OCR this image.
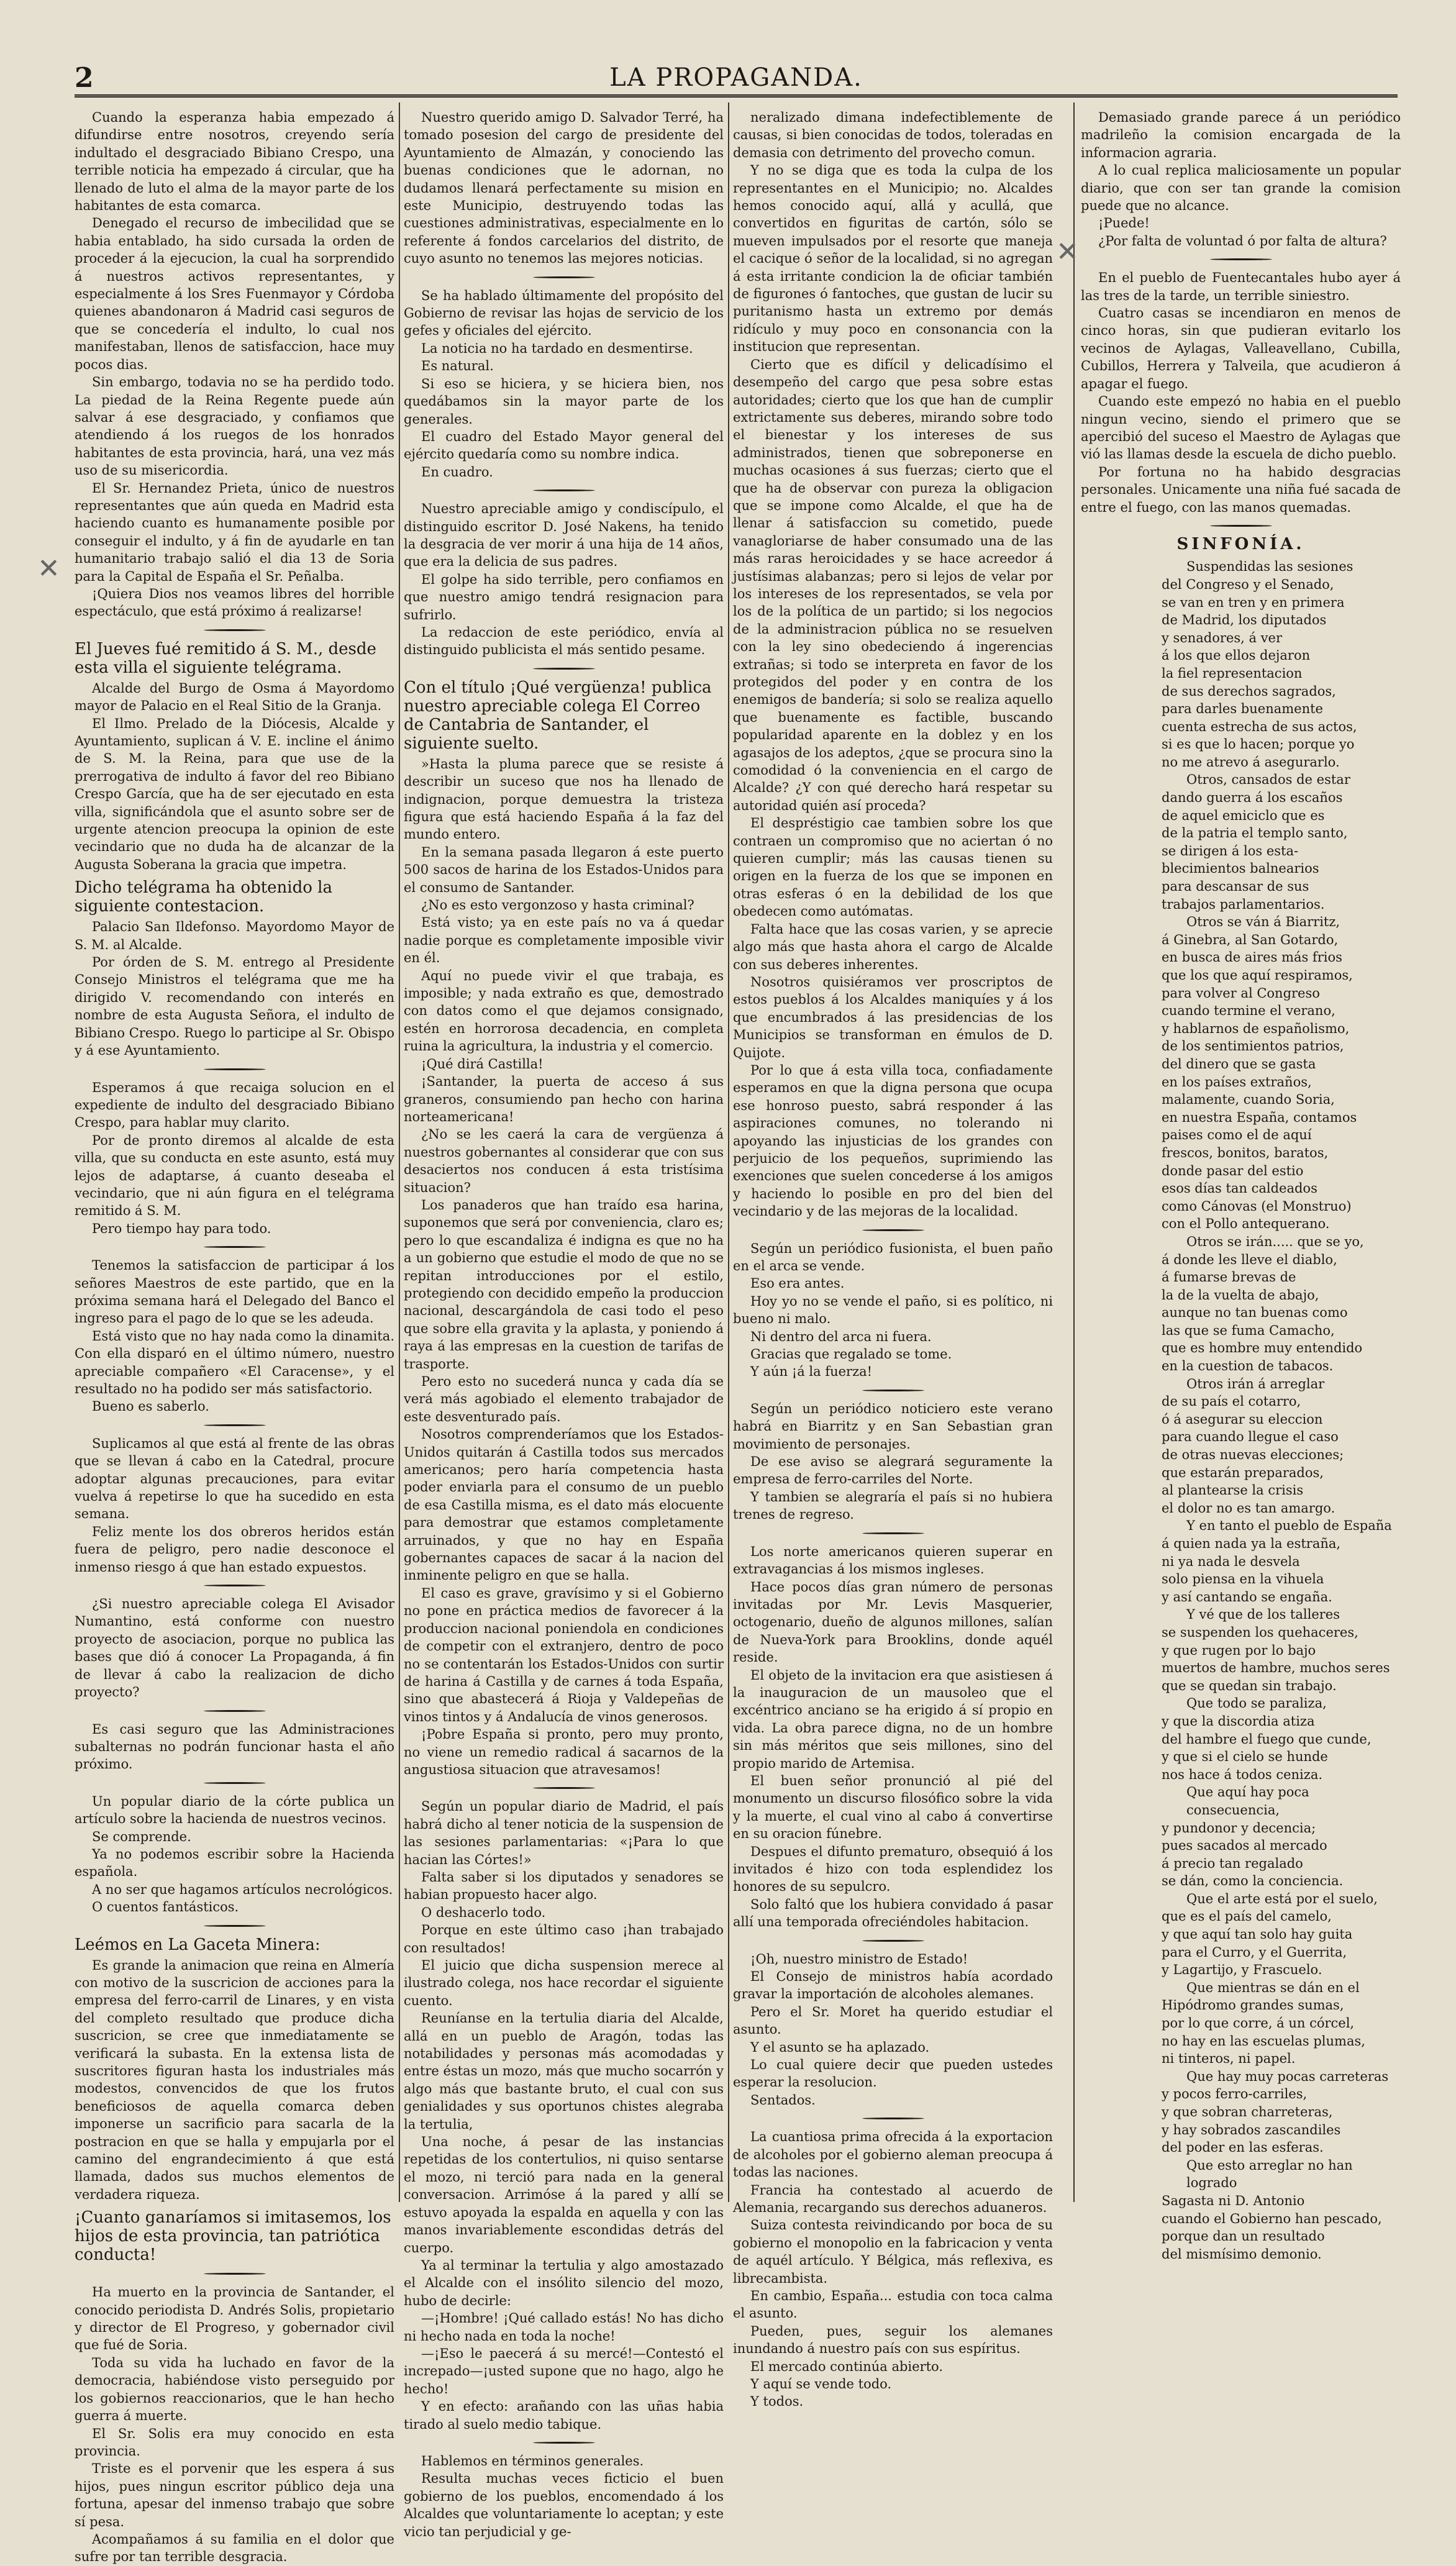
2	LA PROPAGANDA.
✕
✕

Cuando la esperanza habia empezado á difundirse entre nosotros, creyendo sería indultado el desgraciado Bibiano Crespo, una terrible noticia ha empezado á circular, que ha llenado de luto el alma de la mayor parte de los habitantes de esta comarca.

Denegado el recurso de imbecilidad que se habia entablado, ha sido cursada la orden de proceder á la ejecucion, la cual ha sorprendido á nuestros activos representantes, y especialmente á los Sres Fuenmayor y Córdoba quienes abandonaron á Madrid casi seguros de que se concedería el indulto, lo cual nos manifestaban, llenos de satisfaccion, hace muy pocos dias.

Sin embargo, todavia no se ha perdido todo. La piedad de la Reina Regente puede aún salvar á ese desgraciado, y confiamos que atendiendo á los ruegos de los honrados habitantes de esta provincia, hará, una vez más uso de su misericordia.

El Sr. Hernandez Prieta, único de nuestros representantes que aún queda en Madrid esta haciendo cuanto es humanamente posible por conseguir el indulto, y á fin de ayudarle en tan humanitario trabajo salió el dia 13 de Soria para la Capital de España el Sr. Peñalba.

¡Quiera Dios nos veamos libres del horrible espectáculo, que está próximo á realizarse!

El Jueves fué remitido á S. M., desde esta villa el siguiente telégrama.

Alcalde del Burgo de Osma á Mayordomo mayor de Palacio en el Real Sitio de la Granja.

El Ilmo. Prelado de la Diócesis, Alcalde y Ayuntamiento, suplican á V. E. incline el ánimo de S. M. la Reina, para que use de la prerrogativa de indulto á favor del reo Bibiano Crespo García, que ha de ser ejecutado en esta villa, significándola que el asunto sobre ser de urgente atencion preocupa la opinion de este vecindario que no duda ha de alcanzar de la Augusta Soberana la gracia que impetra.

Dicho telégrama ha obtenido la siguiente contestacion.

Palacio San Ildefonso. Mayordomo Mayor de S. M. al Alcalde.

Por órden de S. M. entrego al Presidente Consejo Ministros el telégrama que me ha dirigido V. recomendando con interés en nombre de esta Augusta Señora, el indulto de Bibiano Crespo. Ruego lo participe al Sr. Obispo y á ese Ayuntamiento.

Esperamos á que recaiga solucion en el expediente de indulto del desgraciado Bibiano Crespo, para hablar muy clarito.

Por de pronto diremos al alcalde de esta villa, que su conducta en este asunto, está muy lejos de adaptarse, á cuanto deseaba el vecindario, que ni aún figura en el telégrama remitido á S. M.

Pero tiempo hay para todo.

Tenemos la satisfaccion de participar á los señores Maestros de este partido, que en la próxima semana hará el Delegado del Banco el ingreso para el pago de lo que se les adeuda.

Está visto que no hay nada como la dinamita. Con ella disparó en el último número, nuestro apreciable compañero «El Caracense», y el resultado no ha podido ser más satisfactorio.

Bueno es saberlo.

Suplicamos al que está al frente de las obras que se llevan á cabo en la Catedral, procure adoptar algunas precauciones, para evitar vuelva á repetirse lo que ha sucedido en esta semana.

Feliz mente los dos obreros heridos están fuera de peligro, pero nadie desconoce el inmenso riesgo á que han estado expuestos.

¿Si nuestro apreciable colega El Avisador Numantino, está conforme con nuestro proyecto de asociacion, porque no publica las bases que dió á conocer La Propaganda, á fin de llevar á cabo la realizacion de dicho proyecto?

Es casi seguro que las Administraciones subalternas no podrán funcionar hasta el año próximo.

Un popular diario de la córte publica un artículo sobre la hacienda de nuestros vecinos.

Se comprende.

Ya no podemos escribir sobre la Hacienda española.

A no ser que hagamos artículos necrológicos.

O cuentos fantásticos.

Leémos en La Gaceta Minera:

Es grande la animacion que reina en Almería con motivo de la suscricion de acciones para la empresa del ferro-carril de Linares, y en vista del completo resultado que produce dicha suscricion, se cree que inmediatamente se verificará la subasta. En la extensa lista de suscritores figuran hasta los industriales más modestos, convencidos de que los frutos beneficiosos de aquella comarca deben imponerse un sacrificio para sacarla de la postracion en que se halla y empujarla por el camino del engrandecimiento á que está llamada, dados sus muchos elementos de verdadera riqueza.

¡Cuanto ganaríamos si imitasemos, los hijos de esta provincia, tan patriótica conducta!

Ha muerto en la provincia de Santander, el conocido periodista D. Andrés Solis, propietario y director de El Progreso, y gobernador civil que fué de Soria.

Toda su vida ha luchado en favor de la democracia, habiéndose visto perseguido por los gobiernos reaccionarios, que le han hecho guerra á muerte.

El Sr. Solis era muy conocido en esta provincia.

Triste es el porvenir que les espera á sus hijos, pues ningun escritor público deja una fortuna, apesar del inmenso trabajo que sobre sí pesa.

Acompañamos á su familia en el dolor que sufre por tan terrible desgracia.

Nuestro querido amigo D. Salvador Terré, ha tomado posesion del cargo de presidente del Ayuntamiento de Almazán, y conociendo las buenas condiciones que le adornan, no dudamos llenará perfectamente su mision en este Municipio, destruyendo todas las cuestiones administrativas, especialmente en lo referente á fondos carcelarios del distrito, de cuyo asunto no tenemos las mejores noticias.

Se ha hablado últimamente del propósito del Gobierno de revisar las hojas de servicio de los gefes y oficiales del ejército.

La noticia no ha tardado en desmentirse.

Es natural.

Si eso se hiciera, y se hiciera bien, nos quedábamos sin la mayor parte de los generales.

El cuadro del Estado Mayor general del ejército quedaría como su nombre indica.

En cuadro.

Nuestro apreciable amigo y condiscípulo, el distinguido escritor D. José Nakens, ha tenido la desgracia de ver morir á una hija de 14 años, que era la delicia de sus padres.

El golpe ha sido terrible, pero confiamos en que nuestro amigo tendrá resignacion para sufrirlo.

La redaccion de este periódico, envía al distinguido publicista el más sentido pesame.

Con el título ¡Qué vergüenza! publica nuestro apreciable colega El Correo de Cantabria de Santander, el siguiente suelto.

»Hasta la pluma parece que se resiste á describir un suceso que nos ha llenado de indignacion, porque demuestra la tristeza figura que está haciendo España á la faz del mundo entero.

En la semana pasada llegaron á este puerto 500 sacos de harina de los Estados-Unidos para el consumo de Santander.

¿No es esto vergonzoso y hasta criminal?

Está visto; ya en este país no va á quedar nadie porque es completamente imposible vivir en él.

Aquí no puede vivir el que trabaja, es imposible; y nada extraño es que, demostrado con datos como el que dejamos consignado, estén en horrorosa decadencia, en completa ruina la agricultura, la industria y el comercio.

¡Qué dirá Castilla!

¡Santander, la puerta de acceso á sus graneros, consumiendo pan hecho con harina norteamericana!

¿No se les caerá la cara de vergüenza á nuestros gobernantes al considerar que con sus desaciertos nos conducen á esta tristísima situacion?

Los panaderos que han traído esa harina, suponemos que será por conveniencia, claro es; pero lo que escandaliza é indigna es que no ha a un gobierno que estudie el modo de que no se repitan introducciones por el estilo, protegiendo con decidido empeño la produccion nacional, descargándola de casi todo el peso que sobre ella gravita y la aplasta, y poniendo á raya á las empresas en la cuestion de tarifas de trasporte.

Pero esto no sucederá nunca y cada día se verá más agobiado el elemento trabajador de este desventurado país.

Nosotros comprenderíamos que los Estados-Unidos quitarán á Castilla todos sus mercados americanos; pero haría competencia hasta poder enviarla para el consumo de un pueblo de esa Castilla misma, es el dato más elocuente para demostrar que estamos completamente arruinados, y que no hay en España gobernantes capaces de sacar á la nacion del inminente peligro en que se halla.

El caso es grave, gravísimo y si el Gobierno no pone en práctica medios de favorecer á la produccion nacional poniendola en condiciones de competir con el extranjero, dentro de poco no se contentarán los Estados-Unidos con surtir de harina á Castilla y de carnes á toda España, sino que abastecerá á Rioja y Valdepeñas de vinos tintos y á Andalucía de vinos generosos.

¡Pobre España si pronto, pero muy pronto, no viene un remedio radical á sacarnos de la angustiosa situacion que atravesamos!

Según un popular diario de Madrid, el país habrá dicho al tener noticia de la suspension de las sesiones parlamentarias: «¡Para lo que hacian las Córtes!»

Falta saber si los diputados y senadores se habian propuesto hacer algo.

O deshacerlo todo.

Porque en este último caso ¡han trabajado con resultados!

El juicio que dicha suspension merece al ilustrado colega, nos hace recordar el siguiente cuento.

Reuníanse en la tertulia diaria del Alcalde, allá en un pueblo de Aragón, todas las notabilidades y personas más acomodadas y entre éstas un mozo, más que mucho socarrón y algo más que bastante bruto, el cual con sus genialidades y sus oportunos chistes alegraba la tertulia,

Una noche, á pesar de las instancias repetidas de los contertulios, ni quiso sentarse el mozo, ni terció para nada en la general conversacion. Arrimóse á la pared y allí se estuvo apoyada la espalda en aquella y con las manos invariablemente escondidas detrás del cuerpo.

Ya al terminar la tertulia y algo amostazado el Alcalde con el insólito silencio del mozo, hubo de decirle:

—¡Hombre! ¡Qué callado estás! No has dicho ni hecho nada en toda la noche!

—¡Eso le paecerá á su mercé!—Contestó el increpado—¡usted supone que no hago, algo he hecho!

Y en efecto: arañando con las uñas habia tirado al suelo medio tabique.

Hablemos en términos generales.

Resulta muchas veces ficticio el buen gobierno de los pueblos, encomendado á los Alcaldes que voluntariamente lo aceptan; y este vicio tan perjudicial y ge-

neralizado dimana indefectiblemente de causas, si bien conocidas de todos, toleradas en demasia con detrimento del provecho comun.

Y no se diga que es toda la culpa de los representantes en el Municipio; no. Alcaldes hemos conocido aquí, allá y acullá, que convertidos en figuritas de cartón, sólo se mueven impulsados por el resorte que maneja el cacique ó señor de la localidad, si no agregan á esta irritante condicion la de oficiar también de figurones ó fantoches, que gustan de lucir su puritanismo hasta un extremo por demás ridículo y muy poco en consonancia con la institucion que representan.

Cierto que es difícil y delicadísimo el desempeño del cargo que pesa sobre estas autoridades; cierto que los que han de cumplir extrictamente sus deberes, mirando sobre todo el bienestar y los intereses de sus administrados, tienen que sobreponerse en muchas ocasiones á sus fuerzas; cierto que el que ha de observar con pureza la obligacion que se impone como Alcalde, el que ha de llenar á satisfaccion su cometido, puede vanagloriarse de haber consumado una de las más raras heroicidades y se hace acreedor á justísimas alabanzas; pero si lejos de velar por los intereses de los representados, se vela por los de la política de un partido; si los negocios de la administracion pública no se resuelven con la ley sino obedeciendo á ingerencias extrañas; si todo se interpreta en favor de los protegidos del poder y en contra de los enemigos de bandería; si solo se realiza aquello que buenamente es factible, buscando popularidad aparente en la doblez y en los agasajos de los adeptos, ¿que se procura sino la comodidad ó la conveniencia en el cargo de Alcalde? ¿Y con qué derecho hará respetar su autoridad quién así proceda?

El despréstigio cae tambien sobre los que contraen un compromiso que no aciertan ó no quieren cumplir; más las causas tienen su origen en la fuerza de los que se imponen en otras esferas ó en la debilidad de los que obedecen como autómatas.

Falta hace que las cosas varien, y se aprecie algo más que hasta ahora el cargo de Alcalde con sus deberes inherentes.

Nosotros quisiéramos ver proscriptos de estos pueblos á los Alcaldes maniquíes y á los que encumbrados á las presidencias de los Municipios se transforman en émulos de D. Quijote.

Por lo que á esta villa toca, confiadamente esperamos en que la digna persona que ocupa ese honroso puesto, sabrá responder á las aspiraciones comunes, no tolerando ni apoyando las injusticias de los grandes con perjuicio de los pequeños, suprimiendo las exenciones que suelen concederse á los amigos y haciendo lo posible en pro del bien del vecindario y de las mejoras de la localidad.

Según un periódico fusionista, el buen paño en el arca se vende.

Eso era antes.

Hoy yo no se vende el paño, si es político, ni bueno ni malo.

Ni dentro del arca ni fuera.

Gracias que regalado se tome.

Y aún ¡á la fuerza!

Según un periódico noticiero este verano habrá en Biarritz y en San Sebastian gran movimiento de personajes.

De ese aviso se alegrará seguramente la empresa de ferro-carriles del Norte.

Y tambien se alegraría el país si no hubiera trenes de regreso.

Los norte americanos quieren superar en extravagancias á los mismos ingleses.

Hace pocos días gran número de personas invitadas por Mr. Levis Masquerier, octogenario, dueño de algunos millones, salían de Nueva-York para Brooklins, donde aquél reside.

El objeto de la invitacion era que asistiesen á la inauguracion de un mausoleo que el excéntrico anciano se ha erigido á sí propio en vida. La obra parece digna, no de un hombre sin más méritos que seis millones, sino del propio marido de Artemisa.

El buen señor pronunció al pié del monumento un discurso filosófico sobre la vida y la muerte, el cual vino al cabo á convertirse en su oracion fúnebre.

Despues el difunto prematuro, obsequió á los invitados é hizo con toda esplendidez los honores de su sepulcro.

Solo faltó que los hubiera convidado á pasar allí una temporada ofreciéndoles habitacion.

¡Oh, nuestro ministro de Estado!

El Consejo de ministros había acordado gravar la importación de alcoholes alemanes.

Pero el Sr. Moret ha querido estudiar el asunto.

Y el asunto se ha aplazado.

Lo cual quiere decir que pueden ustedes esperar la resolucion.

Sentados.

La cuantiosa prima ofrecida á la exportacion de alcoholes por el gobierno aleman preocupa á todas las naciones.

Francia ha contestado al acuerdo de Alemania, recargando sus derechos aduaneros.

Suiza contesta reivindicando por boca de su gobierno el monopolio en la fabricacion y venta de aquél artículo. Y Bélgica, más reflexiva, es librecambista.

En cambio, España... estudia con toca calma el asunto.

Pueden, pues, seguir los alemanes inundando á nuestro país con sus espíritus.

El mercado continúa abierto.

Y aquí se vende todo.

Y todos.

Demasiado grande parece á un periódico madrileño la comision encargada de la informacion agraria.

A lo cual replica maliciosamente un popular diario, que con ser tan grande la comision puede que no alcance.

¡Puede!

¿Por falta de voluntad ó por falta de altura?

En el pueblo de Fuentecantales hubo ayer á las tres de la tarde, un terrible siniestro.

Cuatro casas se incendiaron en menos de cinco horas, sin que pudieran evitarlo los vecinos de Aylagas, Valleavellano, Cubilla, Cubillos, Herrera y Talveila, que acudieron á apagar el fuego.

Cuando este empezó no habia en el pueblo ningun vecino, siendo el primero que se apercibió del suceso el Maestro de Aylagas que vió las llamas desde la escuela de dicho pueblo.

Por fortuna no ha habido desgracias personales. Unicamente una niña fué sacada de entre el fuego, con las manos quemadas.

SINFONÍA.
Suspendidas las sesiones
del Congreso y el Senado,
se van en tren y en primera
de Madrid, los diputados
y senadores, á ver
á los que ellos dejaron
la fiel representacion
de sus derechos sagrados,
para darles buenamente
cuenta estrecha de sus actos,
si es que lo hacen; porque yo
no me atrevo á asegurarlo.
Otros, cansados de estar
dando guerra á los escaños
de aquel emiciclo que es
de la patria el templo santo,
se dirigen á los esta-
blecimientos balnearios
para descansar de sus
trabajos parlamentarios.
Otros se ván á Biarritz,
á Ginebra, al San Gotardo,
en busca de aires más frios
que los que aquí respiramos,
para volver al Congreso
cuando termine el verano,
y hablarnos de españolismo,
de los sentimientos patrios,
del dinero que se gasta
en los países extraños,
malamente, cuando Soria,
en nuestra España, contamos
paises como el de aquí
frescos, bonitos, baratos,
donde pasar del estio
esos días tan caldeados
como Cánovas (el Monstruo)
con el Pollo antequerano.
Otros se irán..... que se yo,
á donde les lleve el diablo,
á fumarse brevas de
la de la vuelta de abajo,
aunque no tan buenas como
las que se fuma Camacho,
que es hombre muy entendido
en la cuestion de tabacos.
Otros irán á arreglar
de su país el cotarro,
ó á asegurar su eleccion
para cuando llegue el caso
de otras nuevas elecciones;
que estarán preparados,
al plantearse la crisis
el dolor no es tan amargo.
Y en tanto el pueblo de España
á quien nada ya la estraña,
ni ya nada le desvela
solo piensa en la vihuela
y así cantando se engaña.
Y vé que de los talleres
se suspenden los quehaceres,
y que rugen por lo bajo
muertos de hambre, muchos seres
que se quedan sin trabajo.
Que todo se paraliza,
y que la discordia atiza
del hambre el fuego que cunde,
y que si el cielo se hunde
nos hace á todos ceniza.
Que aquí hay poca consecuencia,
y pundonor y decencia;
pues sacados al mercado
á precio tan regalado
se dán, como la conciencia.
Que el arte está por el suelo,
que es el país del camelo,
y que aquí tan solo hay guita
para el Curro, y el Guerrita,
y Lagartijo, y Frascuelo.
Que mientras se dán en el
Hipódromo grandes sumas,
por lo que corre, á un córcel,
no hay en las escuelas plumas,
ni tinteros, ni papel.
Que hay muy pocas carreteras
y pocos ferro-carriles,
y que sobran charreteras,
y hay sobrados zascandiles
del poder en las esferas.
Que esto arreglar no han logrado
Sagasta ni D. Antonio
cuando el Gobierno han pescado,
porque dan un resultado
del mismísimo demonio.
